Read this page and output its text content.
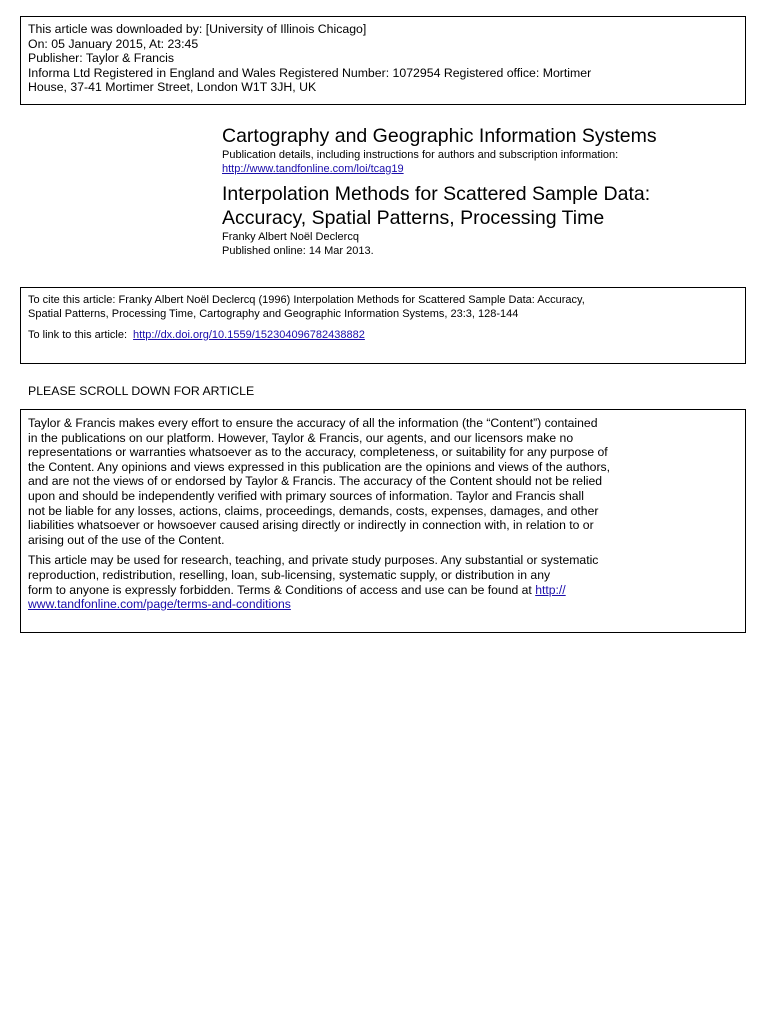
This article was downloaded by: [University of Illinois Chicago]
On: 05 January 2015, At: 23:45
Publisher: Taylor & Francis
Informa Ltd Registered in England and Wales Registered Number: 1072954 Registered office: Mortimer
House, 37-41 Mortimer Street, London W1T 3JH, UK
Cartography and Geographic Information Systems
Publication details, including instructions for authors and subscription information:
http://www.tandfonline.com/loi/tcag19
Interpolation Methods for Scattered Sample Data:
Accuracy, Spatial Patterns, Processing Time
Franky Albert Noël Declercq
Published online: 14 Mar 2013.
To cite this article: Franky Albert Noël Declercq (1996) Interpolation Methods for Scattered Sample Data: Accuracy,
Spatial Patterns, Processing Time, Cartography and Geographic Information Systems, 23:3, 128-144
To link to this article: http://dx.doi.org/10.1559/152304096782438882
PLEASE SCROLL DOWN FOR ARTICLE

Taylor & Francis makes every effort to ensure the accuracy of all the information (the “Content”) contained
in the publications on our platform. However, Taylor & Francis, our agents, and our licensors make no
representations or warranties whatsoever as to the accuracy, completeness, or suitability for any purpose of
the Content. Any opinions and views expressed in this publication are the opinions and views of the authors,
and are not the views of or endorsed by Taylor & Francis. The accuracy of the Content should not be relied
upon and should be independently verified with primary sources of information. Taylor and Francis shall
not be liable for any losses, actions, claims, proceedings, demands, costs, expenses, damages, and other
liabilities whatsoever or howsoever caused arising directly or indirectly in connection with, in relation to or
arising out of the use of the Content.

This article may be used for research, teaching, and private study purposes. Any substantial or systematic
reproduction, redistribution, reselling, loan, sub-licensing, systematic supply, or distribution in any
form to anyone is expressly forbidden. Terms & Conditions of access and use can be found at http://
www.tandfonline.com/page/terms-and-conditions
